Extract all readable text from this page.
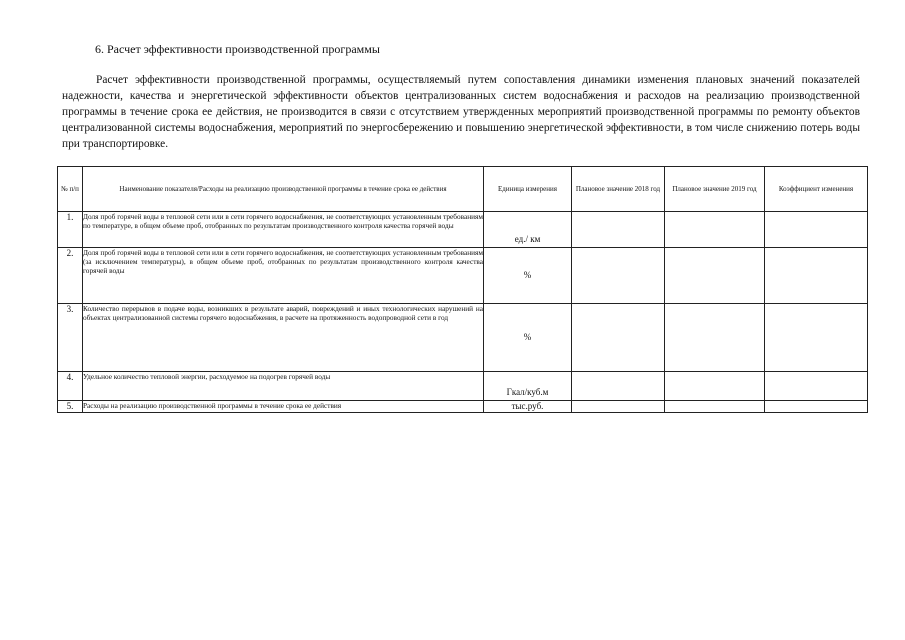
6. Расчет эффективности производственной программы

Расчет эффективности производственной программы, осуществляемый путем сопоставления динамики изменения плановых значений показателей надежности, качества и энергетической эффективности объектов централизованных систем водоснабжения и расходов на реализацию производственной программы в течение срока ее действия, не производится в связи с отсутствием утвержденных мероприятий производственной программы по ремонту объектов централизованной системы водоснабжения, мероприятий по энергосбережению и повышению энергетической эффективности, в том числе снижению потерь воды при транспортировке.

№ п/п	Наименование показателя/Расходы на реализацию производственной программы в течение срока ее действия	Единица измерения	Плановое значение 2018 год	Плановое значение 2019 год	Коэффициент изменения
1.	Доля проб горячей воды в тепловой сети или в сети горячего водоснабжения, не соответствующих установленным требованиям по температуре, в общем объеме проб, отобранных по результатам производственного контроля качества горячей воды	ед./ км			
2.	Доля проб горячей воды в тепловой сети или в сети горячего водоснабжения, не соответствующих установленным требованиям (за исключением температуры), в общем объеме проб, отобранных по результатам производственного контроля качества горячей воды	%			
3.	Количество перерывов в подаче воды, возникших в результате аварий, повреждений и иных технологических нарушений на объектах централизованной системы горячего водоснабжения, в расчете на протяженность водопроводной сети в год	%			
4.	Удельное количество тепловой энергии, расходуемое на подогрев горячей воды	Гкал/куб.м			
5.	Расходы на реализацию производственной программы в течение срока ее действия	тыс.руб.			
